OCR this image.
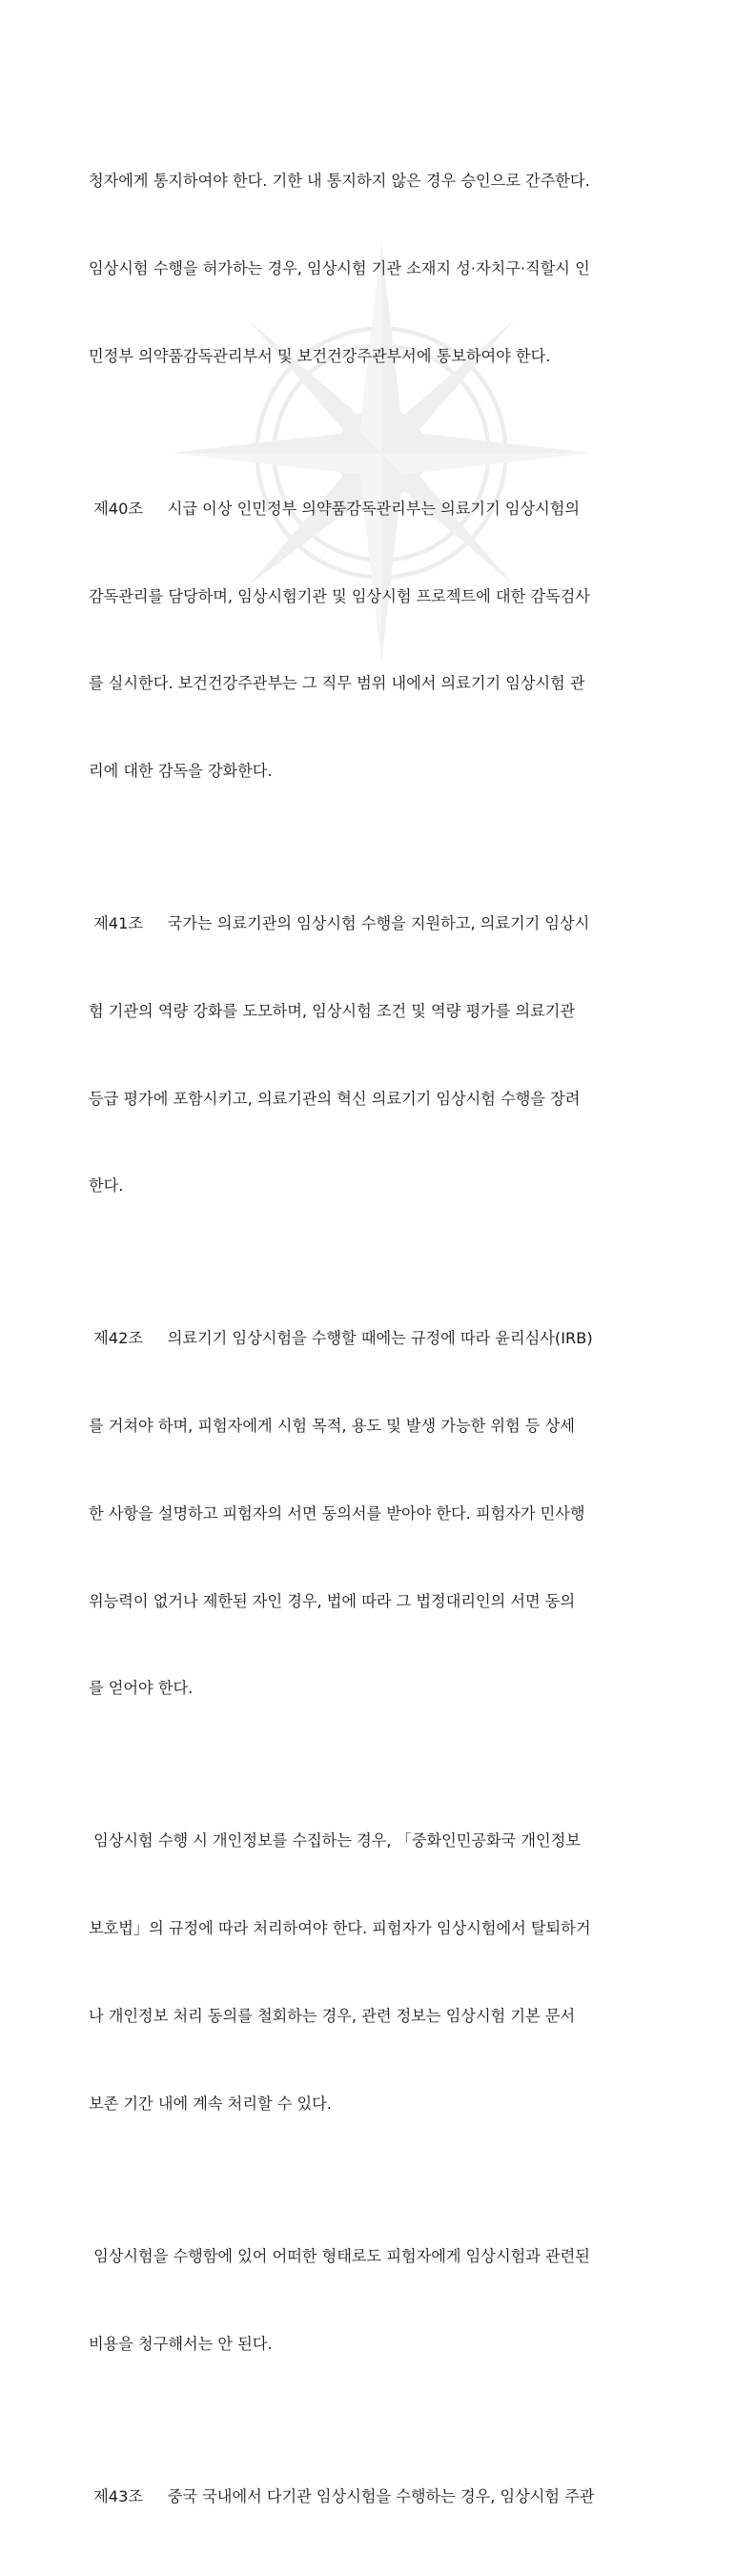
청자에게 통지하여야 한다. 기한 내 통지하지 않은 경우 승인으로 간주한다.

임상시험 수행을 허가하는 경우, 임상시험 기관 소재지 성·자치구·직할시 인

민정부 의약품감독관리부서 및 보건건강주관부서에 통보하여야 한다.

제40조     시급 이상 인민정부 의약품감독관리부는 의료기기 임상시험의

감독관리를 담당하며, 임상시험기관 및 임상시험 프로젝트에 대한 감독검사

를 실시한다. 보건건강주관부는 그 직무 범위 내에서 의료기기 임상시험 관

리에 대한 감독을 강화한다.

제41조     국가는 의료기관의 임상시험 수행을 지원하고, 의료기기 임상시

험 기관의 역량 강화를 도모하며, 임상시험 조건 및 역량 평가를 의료기관

등급 평가에 포함시키고, 의료기관의 혁신 의료기기 임상시험 수행을 장려

한다.

제42조     의료기기 임상시험을 수행할 때에는 규정에 따라 윤리심사(IRB)

를 거쳐야 하며, 피험자에게 시험 목적, 용도 및 발생 가능한 위험 등 상세

한 사항을 설명하고 피험자의 서면 동의서를 받아야 한다. 피험자가 민사행

위능력이 없거나 제한된 자인 경우, 법에 따라 그 법정대리인의 서면 동의

를 얻어야 한다.

임상시험 수행 시 개인정보를 수집하는 경우, 「중화인민공화국 개인정보

보호법」의 규정에 따라 처리하여야 한다. 피험자가 임상시험에서 탈퇴하거

나 개인정보 처리 동의를 철회하는 경우, 관련 정보는 임상시험 기본 문서

보존 기간 내에 계속 처리할 수 있다.

임상시험을 수행함에 있어 어떠한 형태로도 피험자에게 임상시험과 관련된

비용을 청구해서는 안 된다.

제43조     중국 국내에서 다기관 임상시험을 수행하는 경우, 임상시험 주관
